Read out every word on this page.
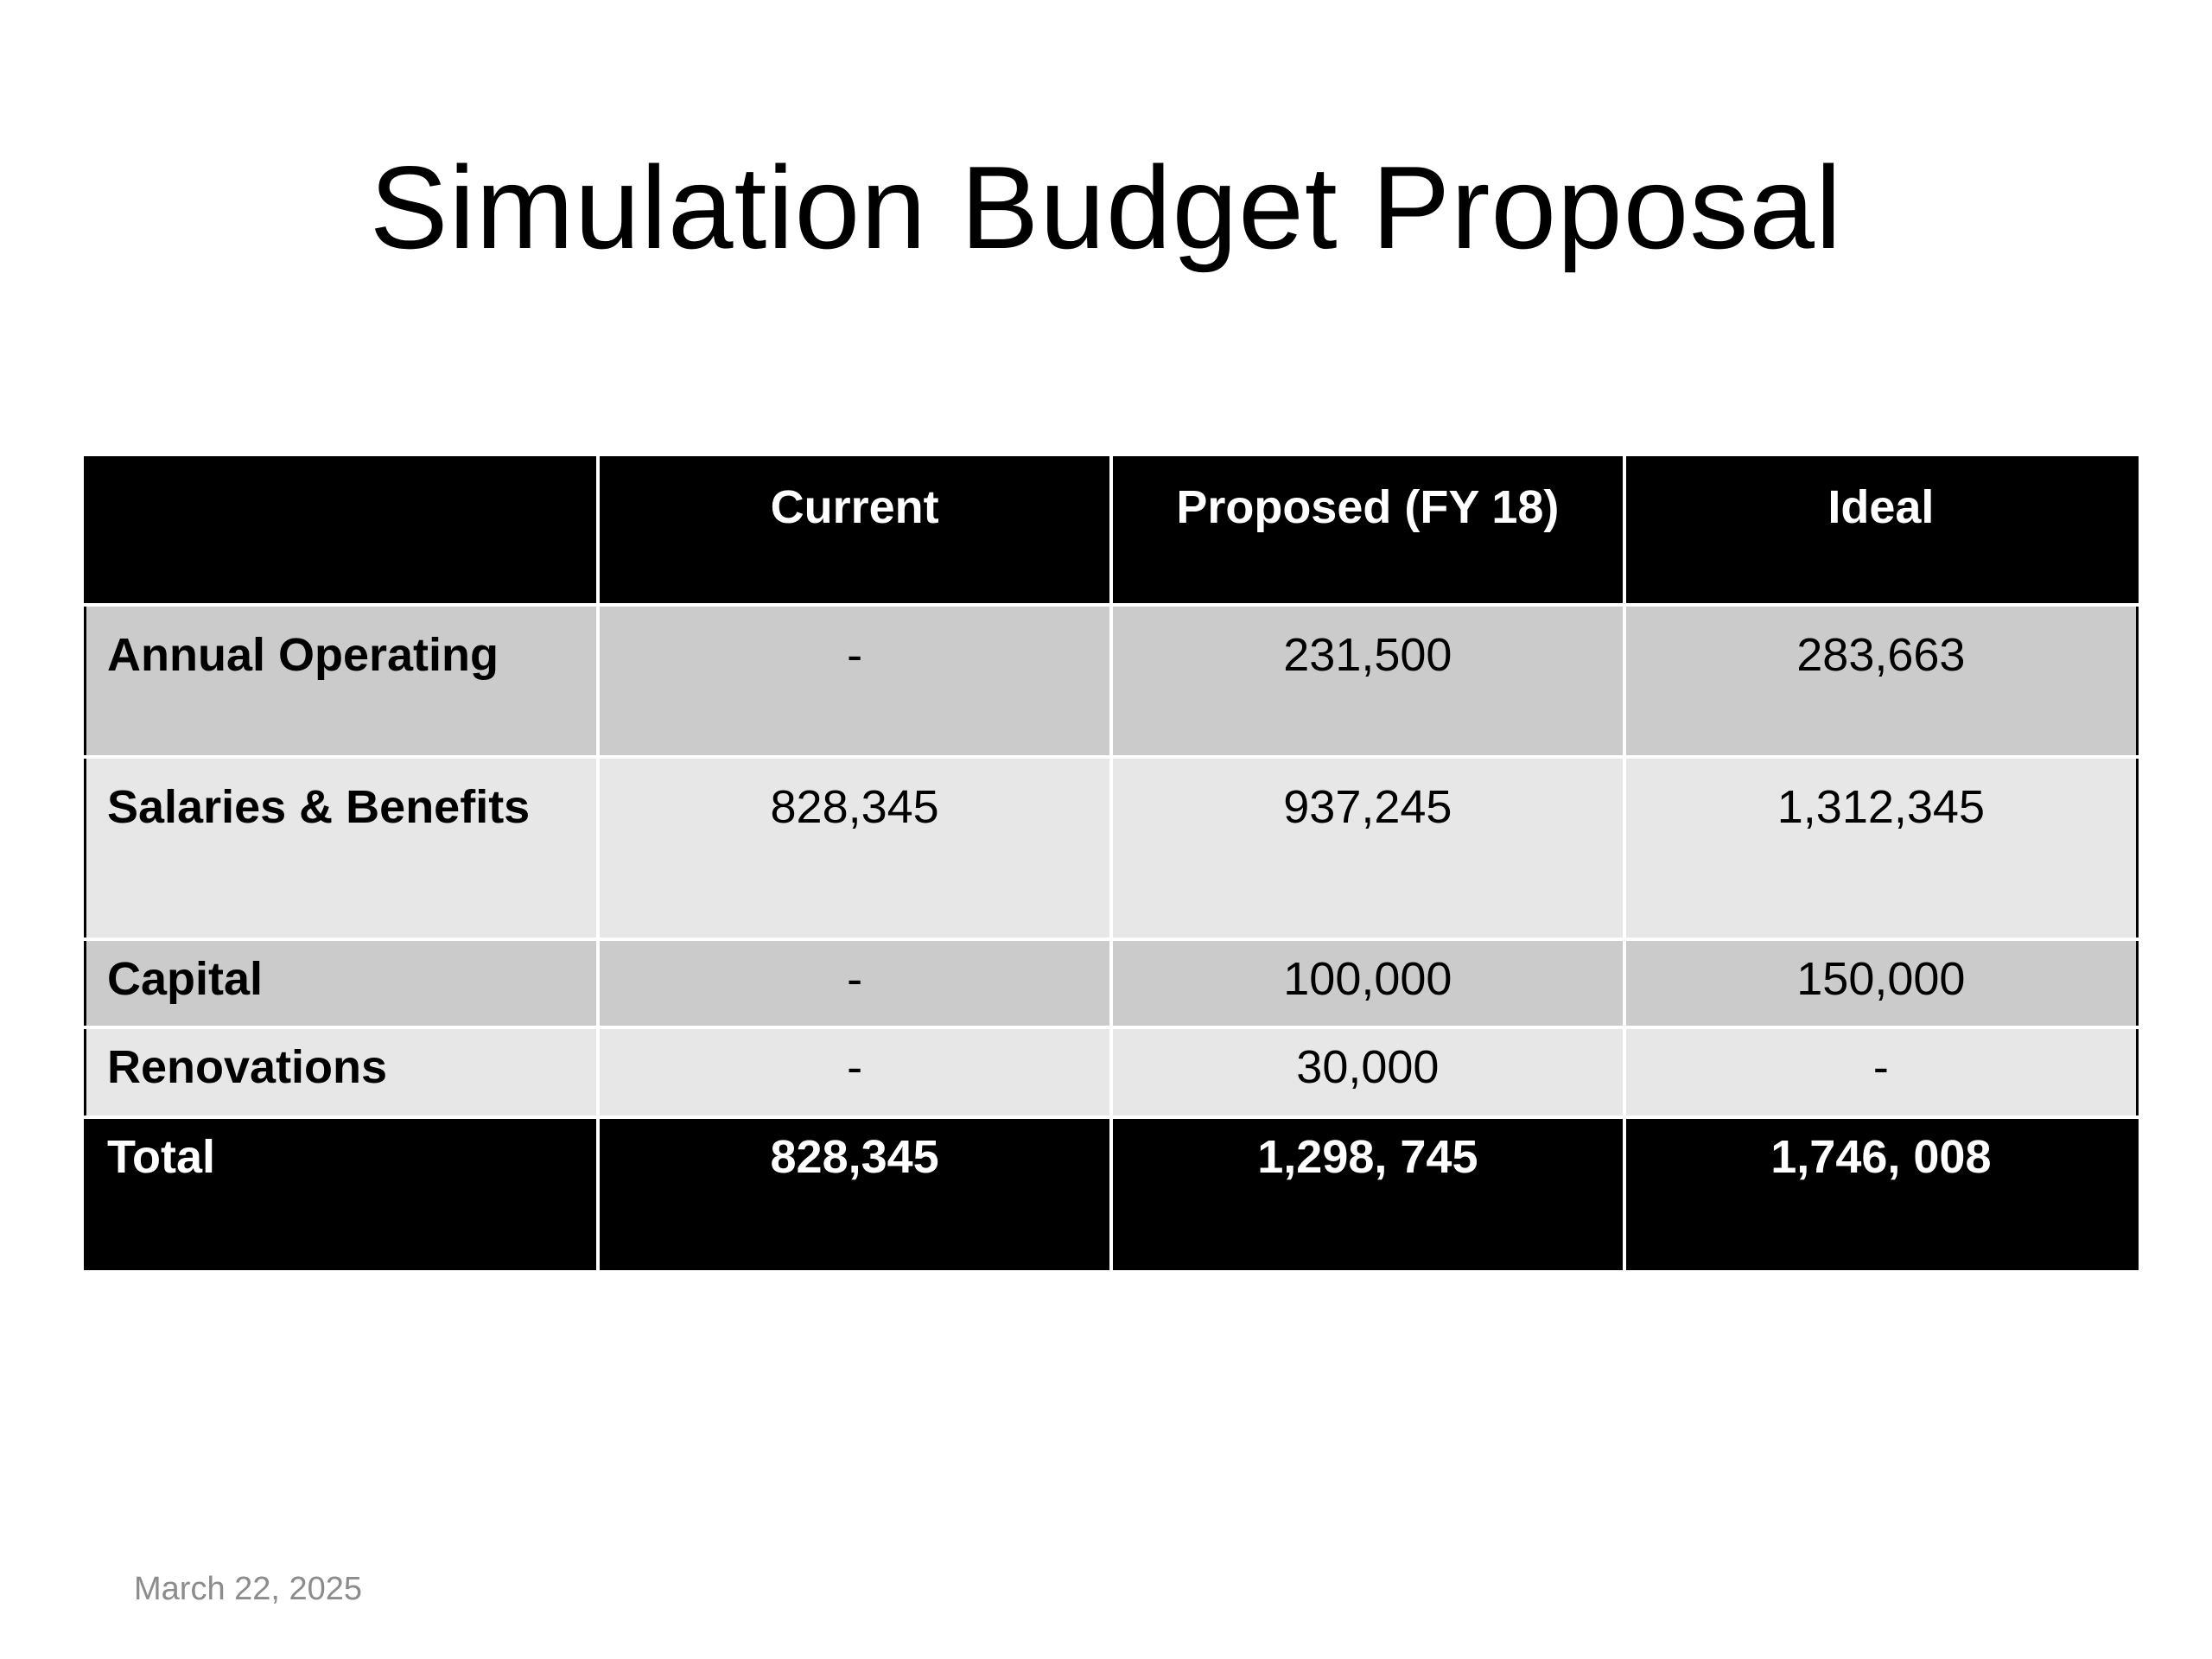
Simulation Budget Proposal
	Current	Proposed (FY 18)	Ideal
Annual Operating	-	231,500	283,663
Salaries & Benefits	828,345	937,245	1,312,345
Capital	-	100,000	150,000
Renovations	-	30,000	-
Total	828,345	1,298, 745	1,746, 008
March 22, 2025
